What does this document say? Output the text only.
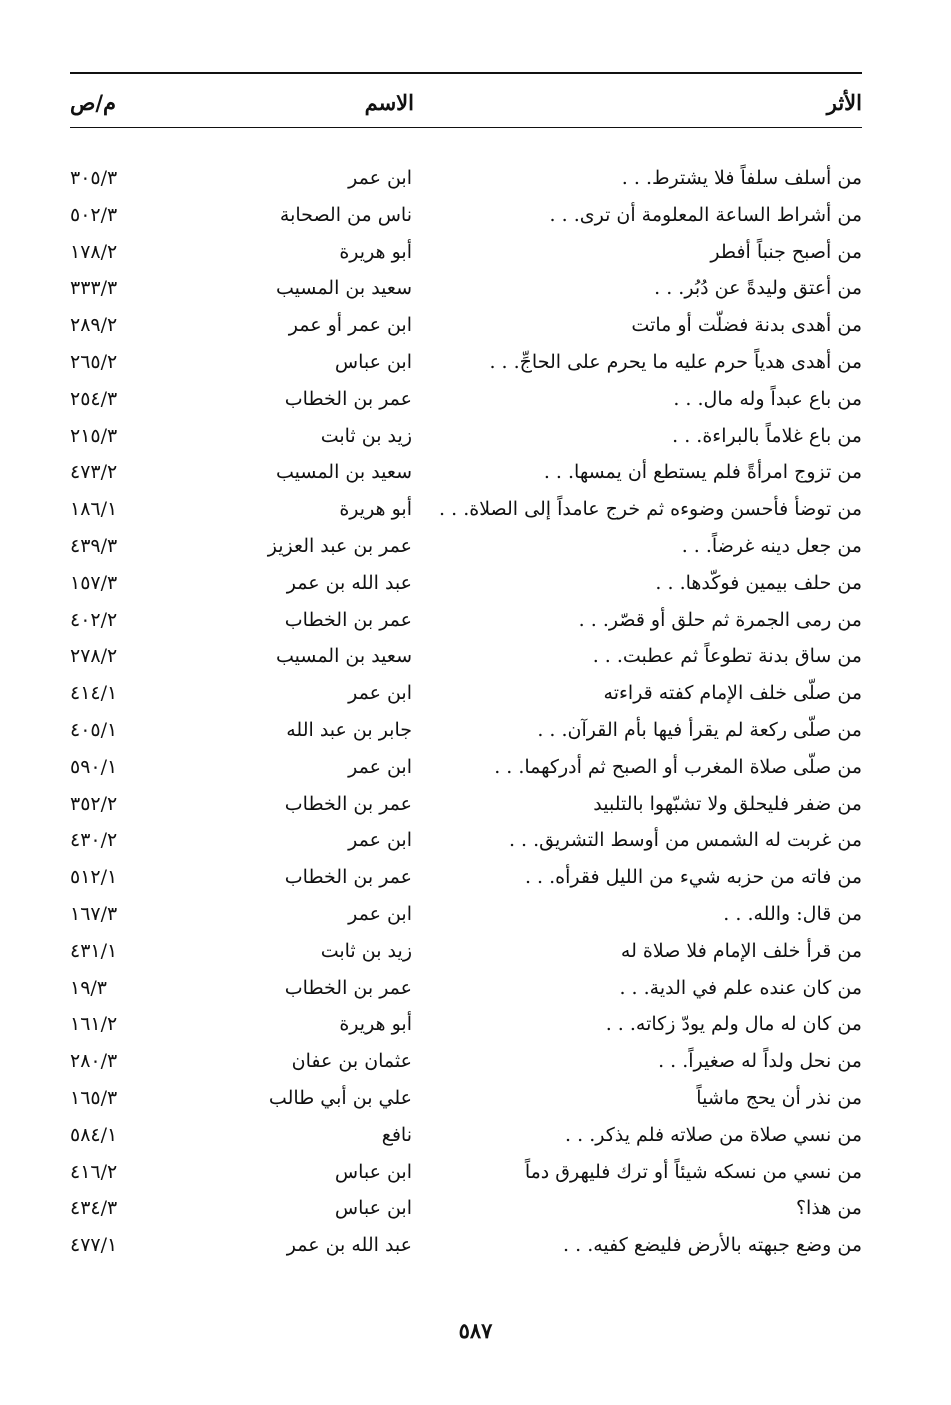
الأثر
الاسم
م/ص
من أسلف سلفاً فلا يشترط. . .
ابن عمر
٣٠٥/٣
من أشراط الساعة المعلومة أن ترى. . .
ناس من الصحابة
٥٠٢/٣
من أصبح جنباً أفطر
أبو هريرة
١٧٨/٢
من أعتق وليدةً عن دُبُر. . .
سعيد بن المسيب
٣٣٣/٣
من أهدى بدنة فضلّت أو ماتت
ابن عمر أو عمر
٢٨٩/٢
من أهدى هدياً حرم عليه ما يحرم على الحاجِّ. . .
ابن عباس
٢٦٥/٢
من باع عبداً وله مال. . .
عمر بن الخطاب
٢٥٤/٣
من باع غلاماً بالبراءة. . .
زيد بن ثابت
٢١٥/٣
من تزوج امرأةً فلم يستطع أن يمسها. . .
سعيد بن المسيب
٤٧٣/٢
من توضأ فأحسن وضوءه ثم خرج عامداً إلى الصلاة. . .
أبو هريرة
١٨٦/١
من جعل دينه غرضاً. . .
عمر بن عبد العزيز
٤٣٩/٣
من حلف بيمين فوكّدها. . .
عبد الله بن عمر
١٥٧/٣
من رمى الجمرة ثم حلق أو قصّر. . .
عمر بن الخطاب
٤٠٢/٢
من ساق بدنة تطوعاً ثم عطبت. . .
سعيد بن المسيب
٢٧٨/٢
من صلّى خلف الإمام كفته قراءته
ابن عمر
٤١٤/١
من صلّى ركعة لم يقرأ فيها بأم القرآن. . .
جابر بن عبد الله
٤٠٥/١
من صلّى صلاة المغرب أو الصبح ثم أدركهما. . .
ابن عمر
٥٩٠/١
من ضفر فليحلق ولا تشبّهوا بالتلبيد
عمر بن الخطاب
٣٥٢/٢
من غربت له الشمس من أوسط التشريق. . .
ابن عمر
٤٣٠/٢
من فاته من حزبه شيء من الليل فقرأه. . .
عمر بن الخطاب
٥١٢/١
من قال: والله. . .
ابن عمر
١٦٧/٣
من قرأ خلف الإمام فلا صلاة له
زيد بن ثابت
٤٣١/١
من كان عنده علم في الدية. . .
عمر بن الخطاب
١٩/٣
من كان له مال ولم يودّ زكاته. . .
أبو هريرة
١٦١/٢
من نحل ولداً له صغيراً. . .
عثمان بن عفان
٢٨٠/٣
من نذر أن يحج ماشياً
علي بن أبي طالب
١٦٥/٣
من نسي صلاة من صلاته فلم يذكر. . .
نافع
٥٨٤/١
من نسي من نسكه شيئاً أو ترك فليهرق دماً
ابن عباس
٤١٦/٢
من هذا؟
ابن عباس
٤٣٤/٣
من وضع جبهته بالأرض فليضع كفيه. . .
عبد الله بن عمر
٤٧٧/١
٥٨٧
